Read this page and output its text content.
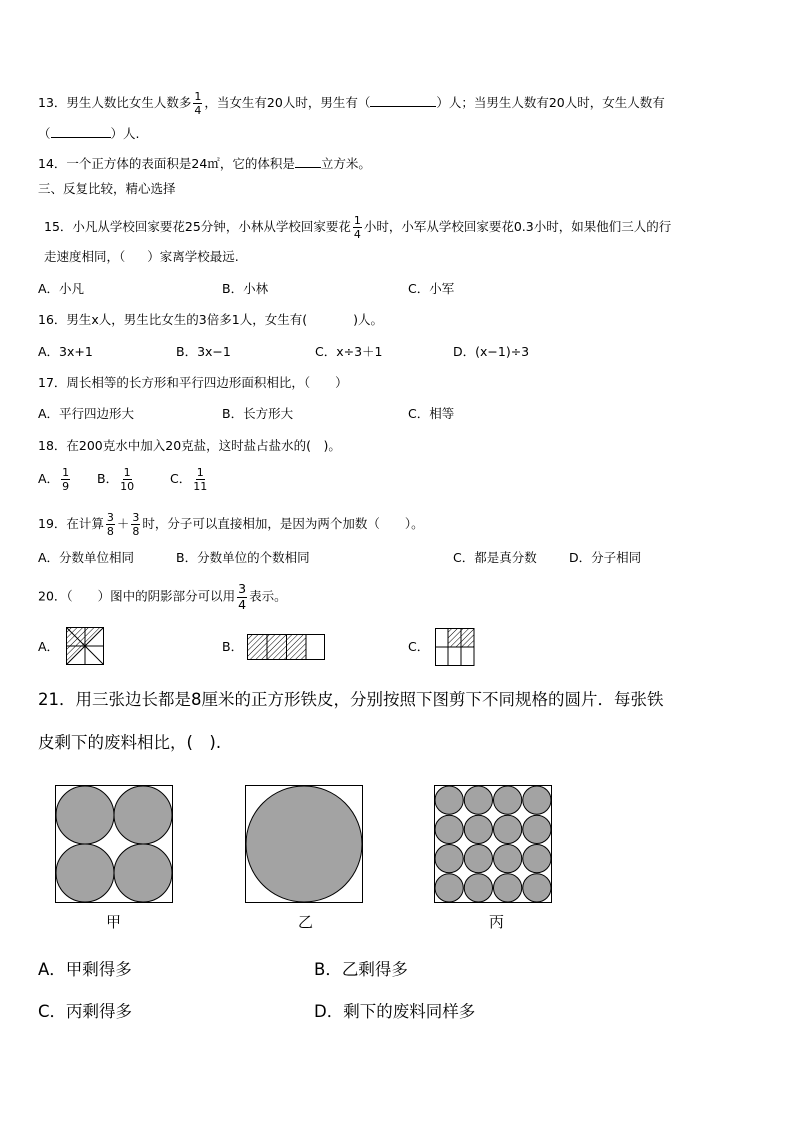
13．男生人数比女生人数多 $\frac{1}{4}$ ，当女生有20人时，男生有（	）人；当男生人数有20人时，女生人数有
（	）人.
14．一个正方体的表面积是24㎡，它的体积是 立方米。
三、反复比较，精心选择
15．小凡从学校回家要花25分钟，小林从学校回家要花 $\frac{1}{4}$ 小时，小军从学校回家要花0.3小时，如果他们三人的行
走速度相同，（ ）家离学校最远.
A．小凡	B．小林	C．小军
16．男生x人，男生比女生的3倍多1人，女生有(	)人。
A．3x+1	B．3x−1	C．x÷3＋1	D．(x−1)÷3
17．周长相等的长方形和平行四边形面积相比，（　　）
A．平行四边形大	B．长方形大	C．相等
18．在200克水中加入20克盐，这时盐占盐水的(　)。
A． $\frac{1}{9}$ B． $\frac{1}{10}$	C． $\frac{1}{11}$
19．在计算 $\frac{3}{8} + \frac{3}{8}$ 时，分子可以直接相加，是因为两个加数（　　）。
A．分数单位相同	B．分数单位的个数相同	C．都是真分数	D．分子相同
20．（　　）图中的阴影部分可以用 $\frac{3}{4}$ 表示。
A．	B．	C．
21．用三张边长都是8厘米的正方形铁皮，分别按照下图剪下不同规格的圆片．每张铁
皮剩下的废料相比，(　).
甲	乙	丙
A．甲剩得多	B．乙剩得多
C．丙剩得多	D．剩下的废料同样多
